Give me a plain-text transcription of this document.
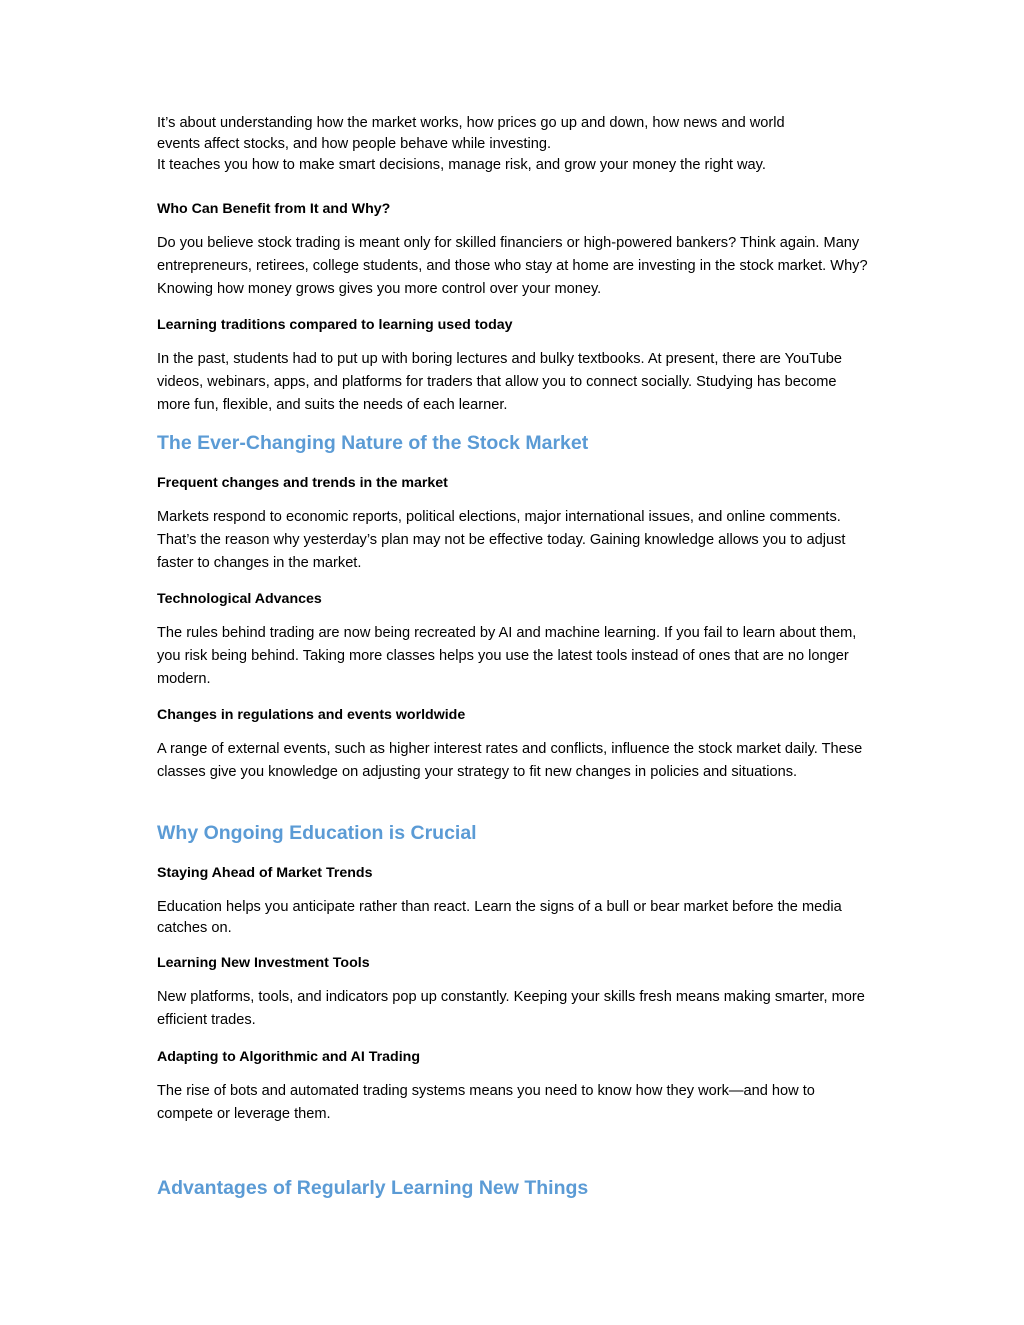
It’s about understanding how the market works, how prices go up and down, how news and world
events affect stocks, and how people behave while investing.
It teaches you how to make smart decisions, manage risk, and grow your money the right way.
Who Can Benefit from It and Why?
Do you believe stock trading is meant only for skilled financiers or high-powered bankers? Think again. Many entrepreneurs, retirees, college students, and those who stay at home are investing in the stock market. Why? Knowing how money grows gives you more control over your money.
Learning traditions compared to learning used today
In the past, students had to put up with boring lectures and bulky textbooks. At present, there are YouTube videos, webinars, apps, and platforms for traders that allow you to connect socially. Studying has become more fun, flexible, and suits the needs of each learner.
The Ever-Changing Nature of the Stock Market
Frequent changes and trends in the market
Markets respond to economic reports, political elections, major international issues, and online comments. That’s the reason why yesterday’s plan may not be effective today. Gaining knowledge allows you to adjust faster to changes in the market.
Technological Advances
The rules behind trading are now being recreated by AI and machine learning. If you fail to learn about them, you risk being behind. Taking more classes helps you use the latest tools instead of ones that are no longer modern.
Changes in regulations and events worldwide
A range of external events, such as higher interest rates and conflicts, influence the stock market daily. These classes give you knowledge on adjusting your strategy to fit new changes in policies and situations.
Why Ongoing Education is Crucial
Staying Ahead of Market Trends
Education helps you anticipate rather than react. Learn the signs of a bull or bear market before the media catches on.
Learning New Investment Tools
New platforms, tools, and indicators pop up constantly. Keeping your skills fresh means making smarter, more efficient trades.
Adapting to Algorithmic and AI Trading
The rise of bots and automated trading systems means you need to know how they work—and how to compete or leverage them.
Advantages of Regularly Learning New Things
